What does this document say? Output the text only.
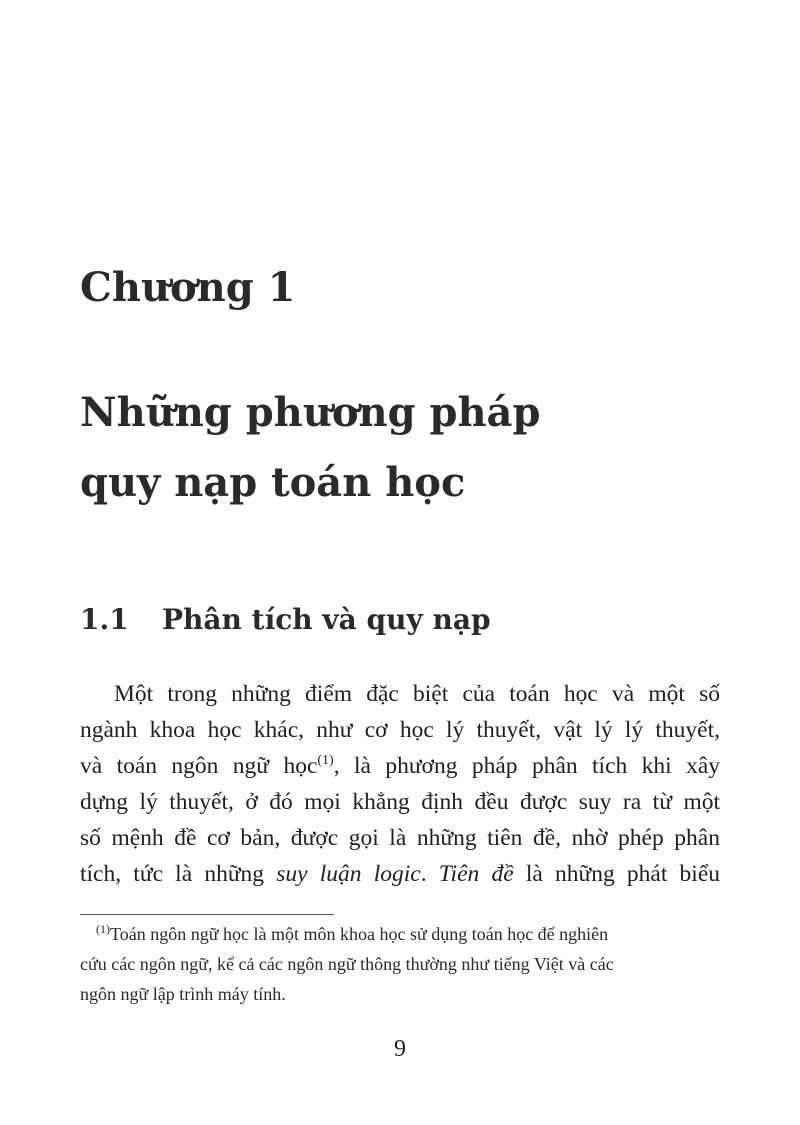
Chương 1
Những phương pháp
quy nạp toán học
1.1 Phân tích và quy nạp
Một trong những điểm đặc biệt của toán học và một số
ngành khoa học khác, như cơ học lý thuyết, vật lý lý thuyết,
và toán ngôn ngữ học$^{(1)}$, là phương pháp phân tích khi xây
dựng lý thuyết, ở đó mọi khẳng định đều được suy ra từ một
số mệnh đề cơ bản, được gọi là những tiên đề, nhờ phép phân
tích, tức là những suy luận logic. Tiên đề là những phát biểu
$^{(1)}$Toán ngôn ngữ học là một môn khoa học sử dụng toán học để nghiên
cứu các ngôn ngữ, kể cả các ngôn ngữ thông thường như tiếng Việt và các
ngôn ngữ lập trình máy tính.
9
